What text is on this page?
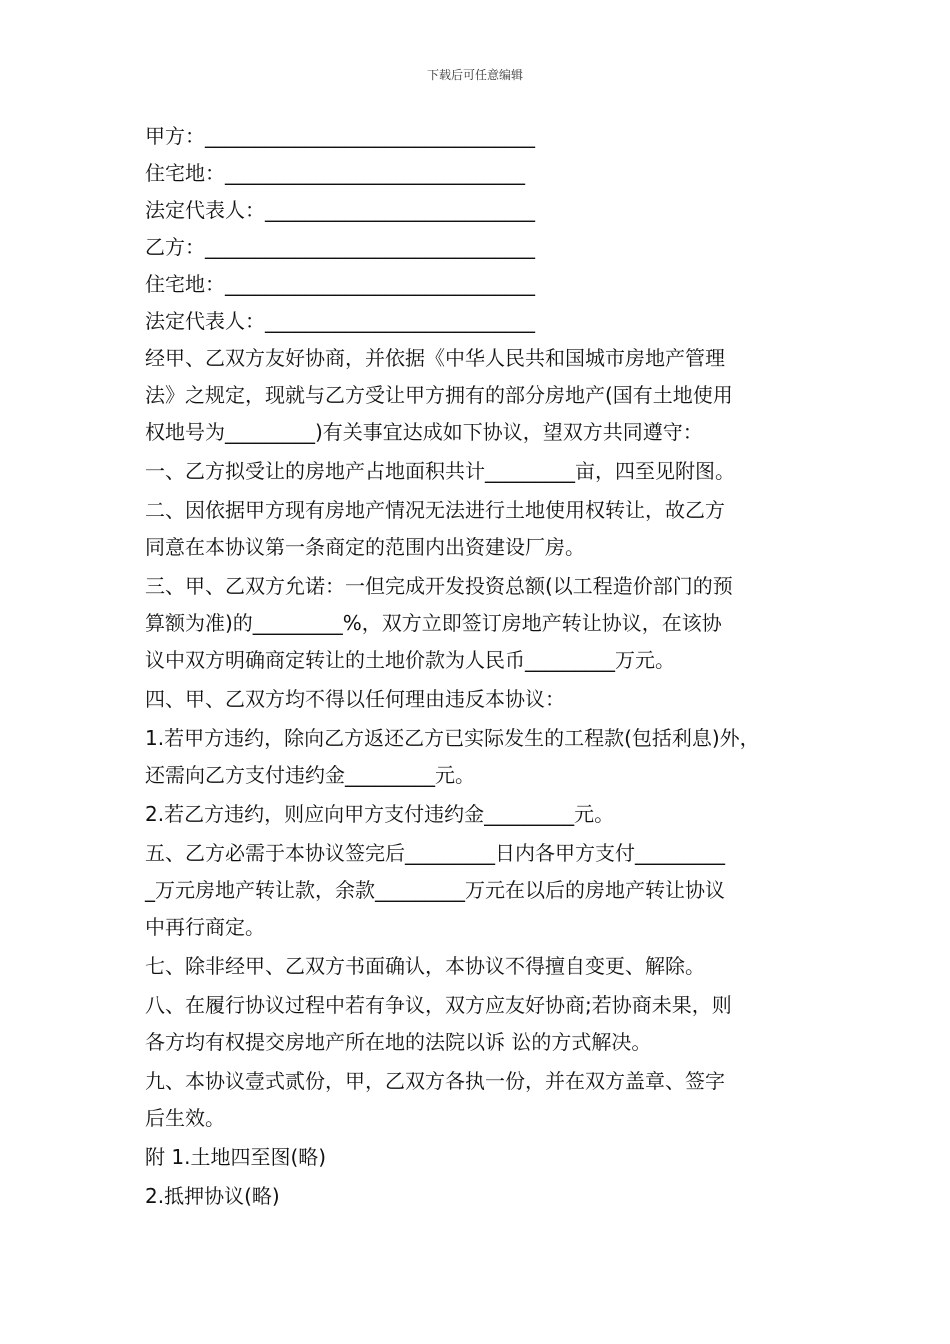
下载后可任意编辑
甲方：_________________________________
住宅地：______________________________
法定代表人：___________________________
乙方：_________________________________
住宅地：_______________________________
法定代表人：___________________________
经甲、乙双方友好协商，并依据《中华人民共和国城市房地产管理
法》之规定，现就与乙方受让甲方拥有的部分房地产(国有土地使用
权地号为_________)有关事宜达成如下协议，望双方共同遵守：
一、乙方拟受让的房地产占地面积共计_________亩，四至见附图。
二、因依据甲方现有房地产情况无法进行土地使用权转让，故乙方
同意在本协议第一条商定的范围内出资建设厂房。
三、甲、乙双方允诺：一但完成开发投资总额(以工程造价部门的预
算额为准)的_________%，双方立即签订房地产转让协议，在该协
议中双方明确商定转让的土地价款为人民币_________万元。
四、甲、乙双方均不得以任何理由违反本协议：
1.若甲方违约，除向乙方返还乙方已实际发生的工程款(包括利息)外，
还需向乙方支付违约金_________元。
2.若乙方违约，则应向甲方支付违约金_________元。
五、乙方必需于本协议签完后_________日内各甲方支付_________
_万元房地产转让款，余款_________万元在以后的房地产转让协议
中再行商定。
七、除非经甲、乙双方书面确认，本协议不得擅自变更、解除。
八、在履行协议过程中若有争议，双方应友好协商;若协商未果，则
各方均有权提交房地产所在地的法院以诉 讼的方式解决。
九、本协议壹式贰份，甲，乙双方各执一份，并在双方盖章、签字
后生效。
附 1.土地四至图(略)
2.抵押协议(略)
